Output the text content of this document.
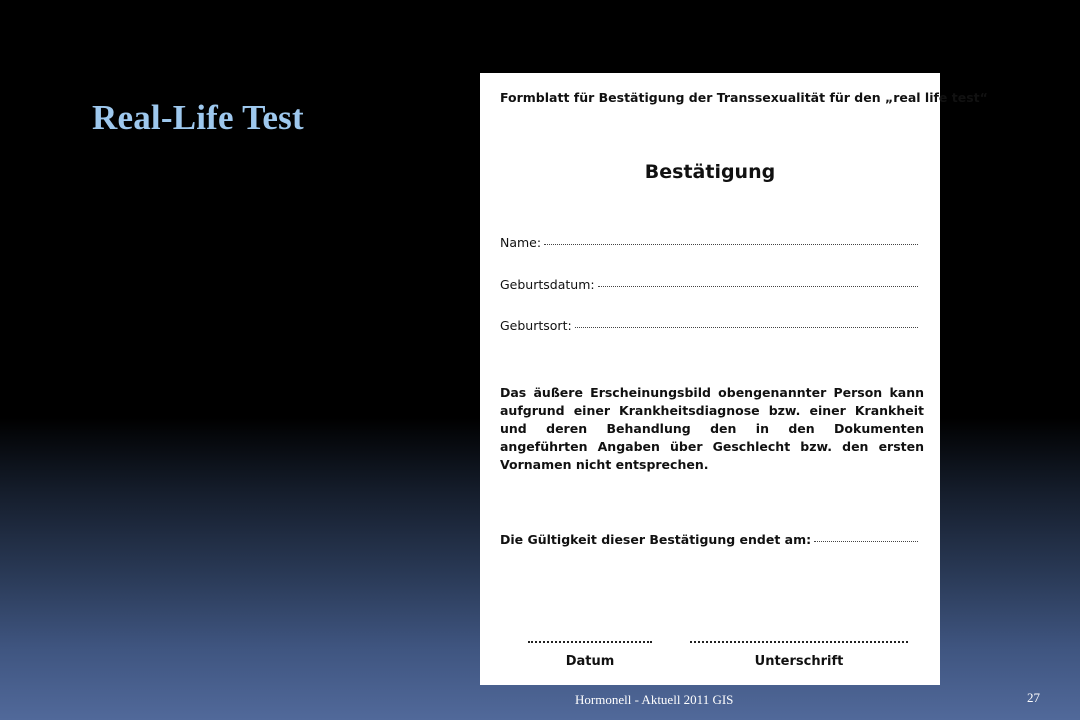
Real-Life Test
Formblatt für Bestätigung der Transsexualität für den „real life test“
Bestätigung
Name:
Geburtsdatum:
Geburtsort:

Das äußere Erscheinungsbild obengenannter Person kann aufgrund einer Krankheitsdiagnose bzw. einer Krankheit und deren Behandlung den in den Dokumenten angeführten Angaben über Geschlecht bzw. den ersten Vornamen nicht entsprechen.

Die Gültigkeit dieser Bestätigung endet am:
Datum	Unterschrift
Hormonell - Aktuell 2011 GIS	27
